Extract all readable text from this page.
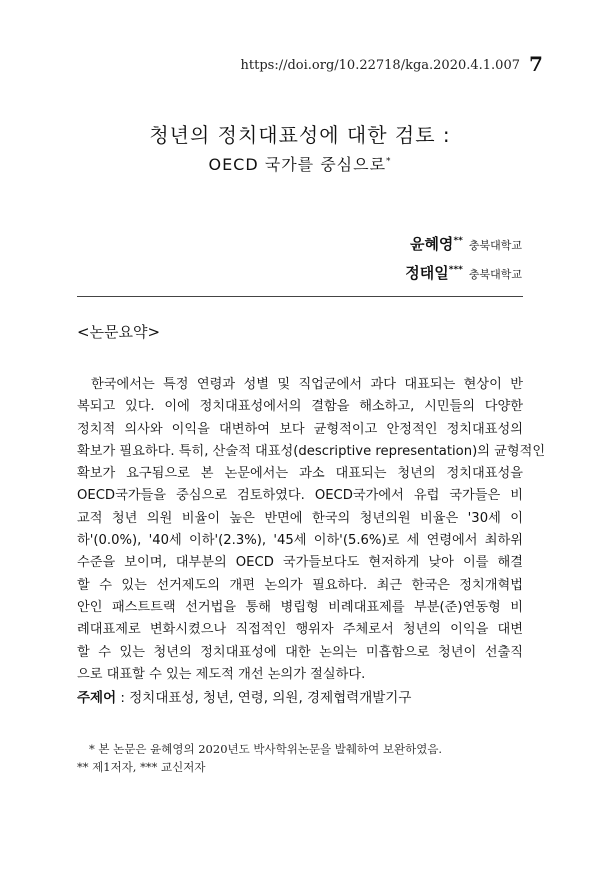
https://doi.org/10.22718/kga.2020.4.1.007 7
청년의 정치대표성에 대한 검토 :
OECD 국가를 중심으로*
윤혜영** 충북대학교
정태일*** 충북대학교
<논문요약>
한국에서는 특정 연령과 성별 및 직업군에서 과다 대표되는 현상이 반
복되고 있다. 이에 정치대표성에서의 결함을 해소하고, 시민들의 다양한
정치적 의사와 이익을 대변하여 보다 균형적이고 안정적인 정치대표성의
확보가 필요하다. 특히, 산술적 대표성(descriptive representation)의 균형적인
확보가 요구됨으로 본 논문에서는 과소 대표되는 청년의 정치대표성을
OECD국가들을 중심으로 검토하였다. OECD국가에서 유럽 국가들은 비
교적 청년 의원 비율이 높은 반면에 한국의 청년의원 비율은 '30세 이
하'(0.0%), '40세 이하'(2.3%), '45세 이하'(5.6%)로 세 연령에서 최하위
수준을 보이며, 대부분의 OECD 국가들보다도 현저하게 낮아 이를 해결
할 수 있는 선거제도의 개편 논의가 필요하다. 최근 한국은 정치개혁법
안인 패스트트랙 선거법을 통해 병립형 비례대표제를 부분(준)연동형 비
례대표제로 변화시켰으나 직접적인 행위자 주체로서 청년의 이익을 대변
할 수 있는 청년의 정치대표성에 대한 논의는 미흡함으로 청년이 선출직
으로 대표할 수 있는 제도적 개선 논의가 절실하다.
주제어 : 정치대표성, 청년, 연령, 의원, 경제협력개발기구
* 본 논문은 윤혜영의 2020년도 박사학위논문을 발췌하여 보완하였음.
** 제1저자, *** 교신저자
